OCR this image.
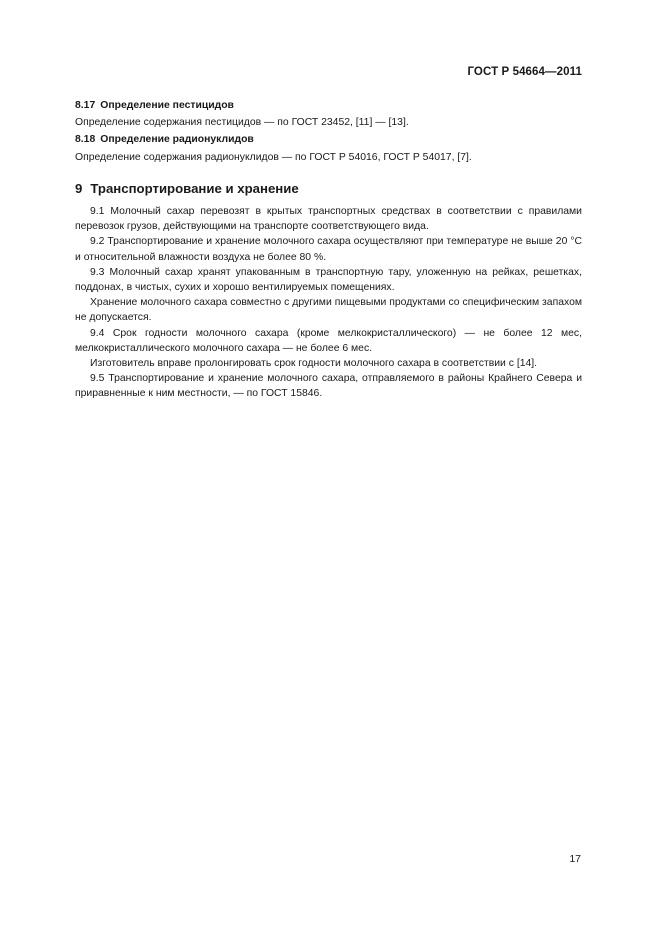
ГОСТ Р 54664—2011

8.17 Определение пестицидов

Определение содержания пестицидов — по ГОСТ 23452, [11] — [13].

8.18 Определение радионуклидов

Определение содержания радионуклидов — по ГОСТ Р 54016, ГОСТ Р 54017, [7].

9 Транспортирование и хранение

9.1 Молочный сахар перевозят в крытых транспортных средствах в соответствии с правилами перевозок грузов, действующими на транспорте соответствующего вида.

9.2 Транспортирование и хранение молочного сахара осуществляют при температуре не выше 20 °С и относительной влажности воздуха не более 80 %.

9.3 Молочный сахар хранят упакованным в транспортную тару, уложенную на рейках, решетках, поддонах, в чистых, сухих и хорошо вентилируемых помещениях.

Хранение молочного сахара совместно с другими пищевыми продуктами со специфическим запахом не допускается.

9.4 Срок годности молочного сахара (кроме мелкокристаллического) — не более 12 мес, мелкокристаллического молочного сахара — не более 6 мес.

Изготовитель вправе пролонгировать срок годности молочного сахара в соответствии с [14].

9.5 Транспортирование и хранение молочного сахара, отправляемого в районы Крайнего Севера и приравненные к ним местности, — по ГОСТ 15846.

17
